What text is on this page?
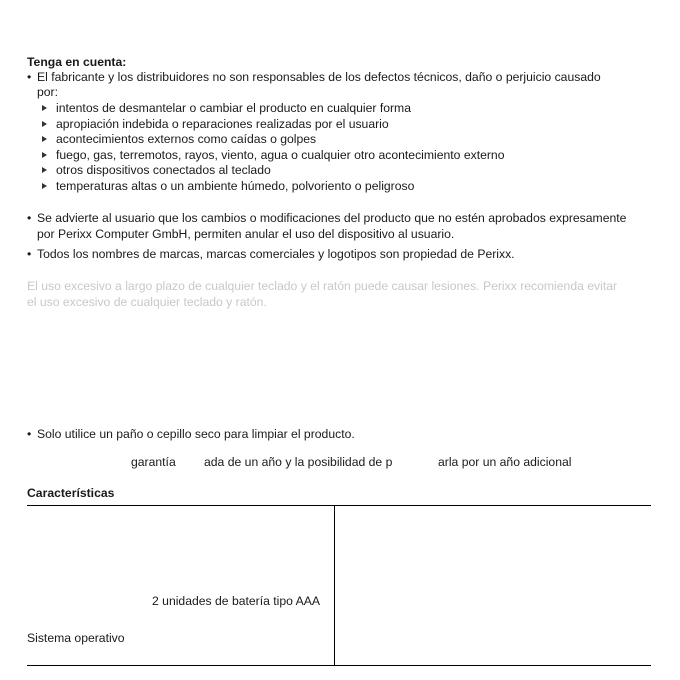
Tenga en cuenta:
• El fabricante y los distribuidores no son responsables de los defectos técnicos, daño o perjuicio causado
por:
intentos de desmantelar o cambiar el producto en cualquier forma
apropiación indebida o reparaciones realizadas por el usuario
acontecimientos externos como caídas o golpes
fuego, gas, terremotos, rayos, viento, agua o cualquier otro acontecimiento externo
otros dispositivos conectados al teclado
temperaturas altas o un ambiente húmedo, polvoriento o peligroso
• Se advierte al usuario que los cambios o modificaciones del producto que no estén aprobados expresamente
por Perixx Computer GmbH, permiten anular el uso del dispositivo al usuario.
• Todos los nombres de marcas, marcas comerciales y logotipos son propiedad de Perixx.
El uso excesivo a largo plazo de cualquier teclado y el ratón puede causar lesiones. Perixx recomienda evitar
el uso excesivo de cualquier teclado y ratón.
• Solo utilice un paño o cepillo seco para limpiar el producto.
garantía ada de un año y la posibilidad de p	arla por un año adicional
Características
2 unidades de batería tipo AAA
Sistema operativo
